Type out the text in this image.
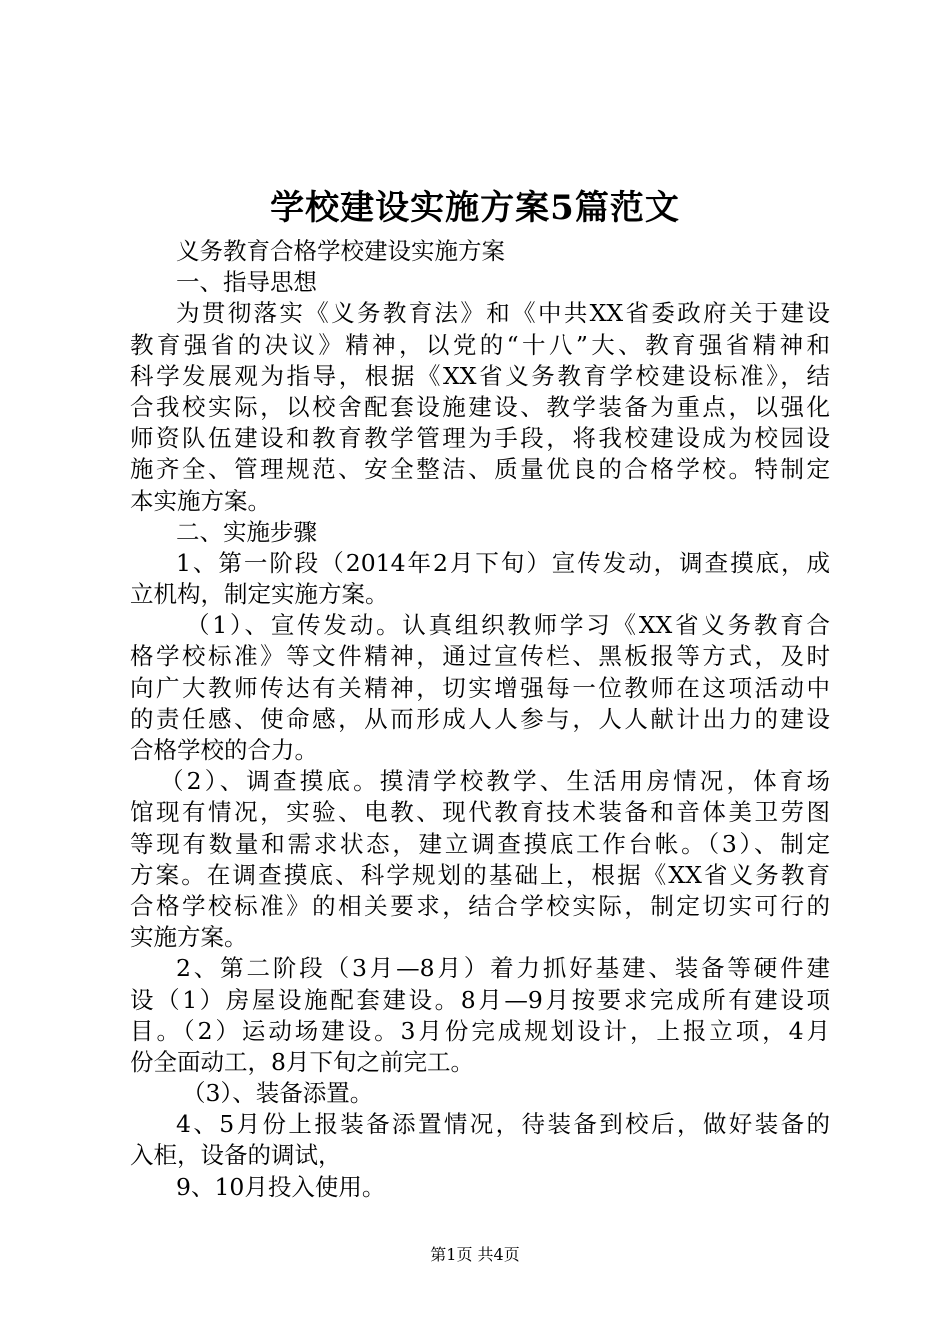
学校建设实施方案5篇范文
义务教育合格学校建设实施方案
一、指导思想
为贯彻落实《义务教育法》和《中共XX省委政府关于建设
教育强省的决议》精神，以党的“十八”大、教育强省精神和
科学发展观为指导，根据《XX省义务教育学校建设标准》，结
合我校实际，以校舍配套设施建设、教学装备为重点，以强化
师资队伍建设和教育教学管理为手段，将我校建设成为校园设
施齐全、管理规范、安全整洁、质量优良的合格学校。特制定
本实施方案。
二、实施步骤
1、第一阶段（2014年2月下旬）宣传发动，调查摸底，成
立机构，制定实施方案。
（1）、宣传发动。认真组织教师学习《XX省义务教育合
格学校标准》等文件精神，通过宣传栏、黑板报等方式，及时
向广大教师传达有关精神，切实增强每一位教师在这项活动中
的责任感、使命感，从而形成人人参与，人人献计出力的建设
合格学校的合力。
（2）、调查摸底。摸清学校教学、生活用房情况，体育场
馆现有情况，实验、电教、现代教育技术装备和音体美卫劳图
等现有数量和需求状态，建立调查摸底工作台帐。（3）、制定
方案。在调查摸底、科学规划的基础上，根据《XX省义务教育
合格学校标准》的相关要求，结合学校实际，制定切实可行的
实施方案。
2、第二阶段（3月—8月）着力抓好基建、装备等硬件建
设（1）房屋设施配套建设。8月—9月按要求完成所有建设项
目。（2）运动场建设。3月份完成规划设计，上报立项，4月
份全面动工，8月下旬之前完工。
（3）、装备添置。
4、5月份上报装备添置情况，待装备到校后，做好装备的
入柜，设备的调试，
9、10月投入使用。
第1页 共4页
